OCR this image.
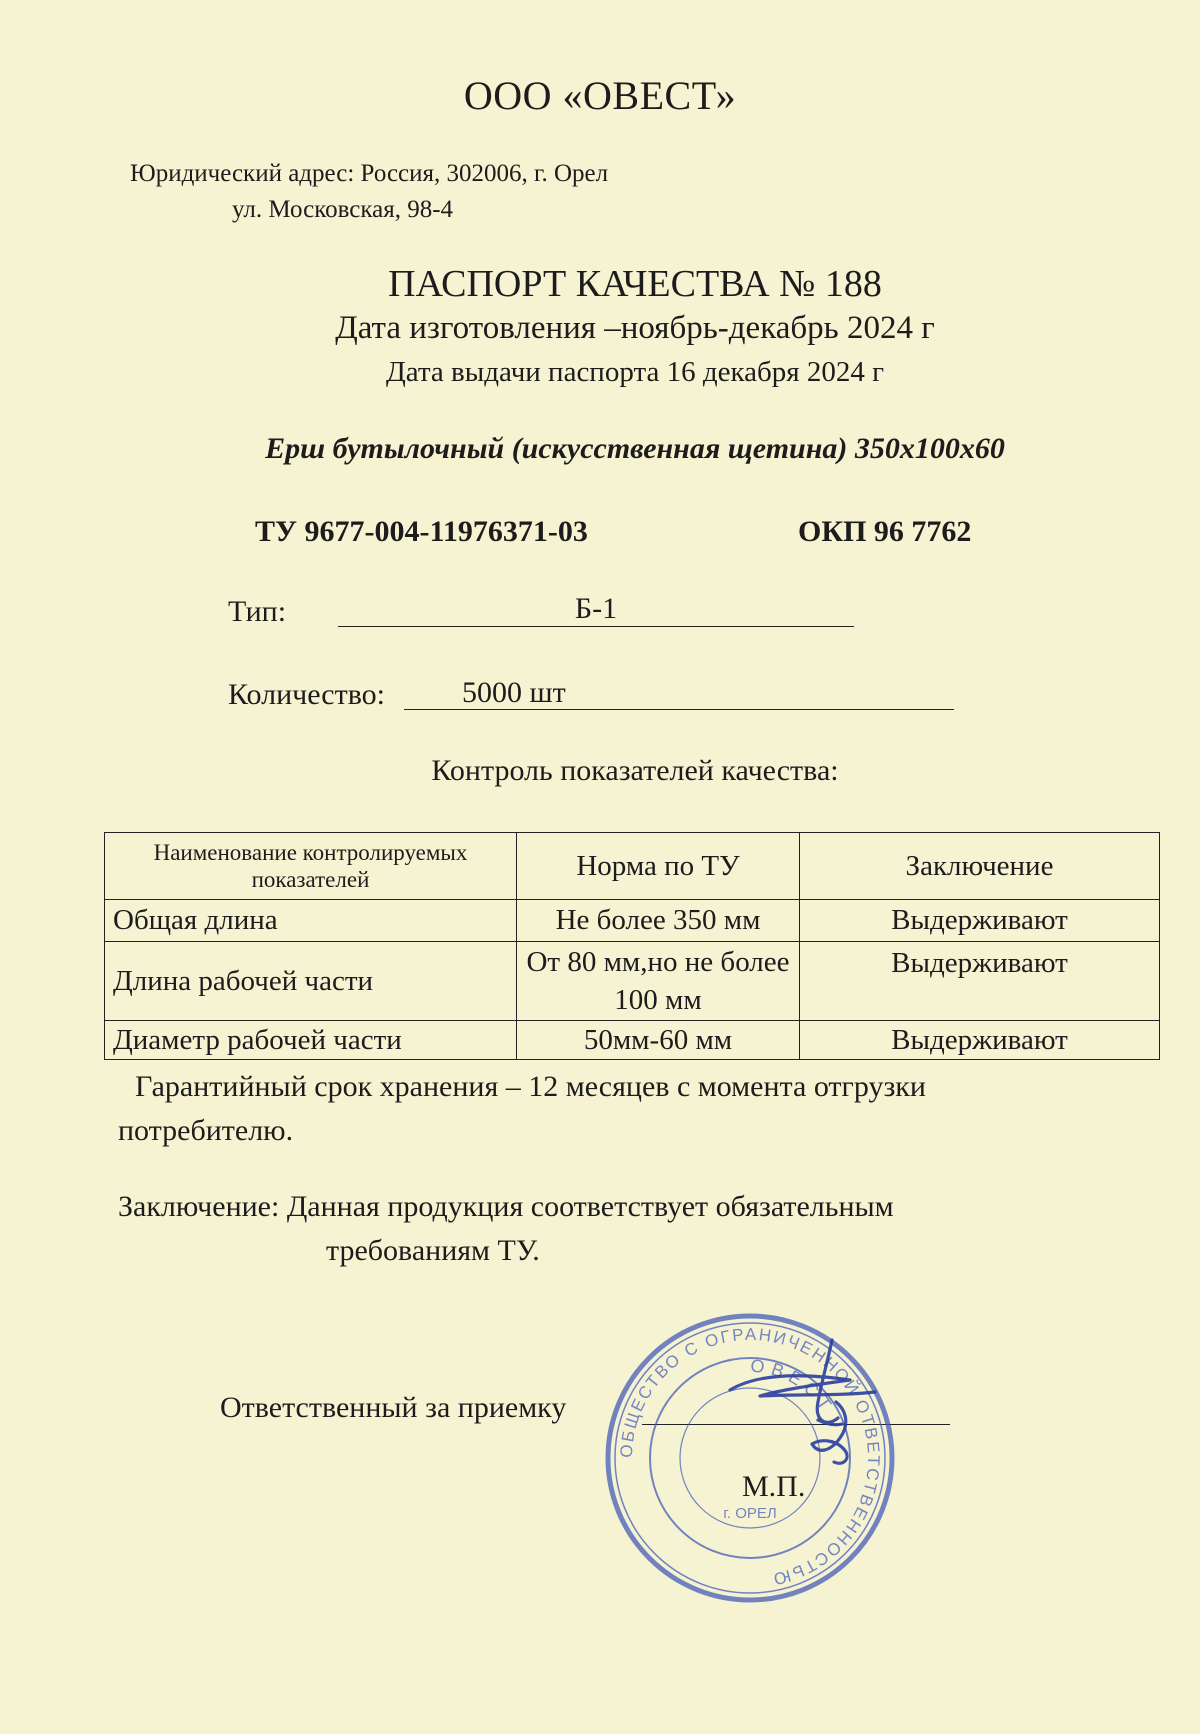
ООО «ОВЕСТ»
Юридический адрес: Россия, 302006, г. Орел
ул. Московская, 98-4
ПАСПОРТ КАЧЕСТВА № 188
Дата изготовления –ноябрь-декабрь 2024 г
Дата выдачи паспорта 16 декабря 2024 г
Ерш бутылочный (искусственная щетина) 350х100х60
ТУ 9677-004-11976371-03	ОКП 96 7762
Тип:	Б-1
Количество:	5000 шт
Контроль показателей качества:
Наименование контролируемых показателей	Норма по ТУ	Заключение
Общая длина	Не более 350 мм	Выдерживают
Длина рабочей части	От 80 мм,но не более 100 мм	Выдерживают
Диаметр рабочей части	50мм-60 мм	Выдерживают
Гарантийный срок хранения – 12 месяцев с момента отгрузки
потребителю.
Заключение: Данная продукция соответствует обязательным
требованиям ТУ.
Ответственный за приемку
М.П.
ОБЩЕСТВО С ОГРАНИЧЕННОЙ ОТВЕТСТВЕННОСТЬЮ
ОВЕСТ
г. ОРЕЛ
